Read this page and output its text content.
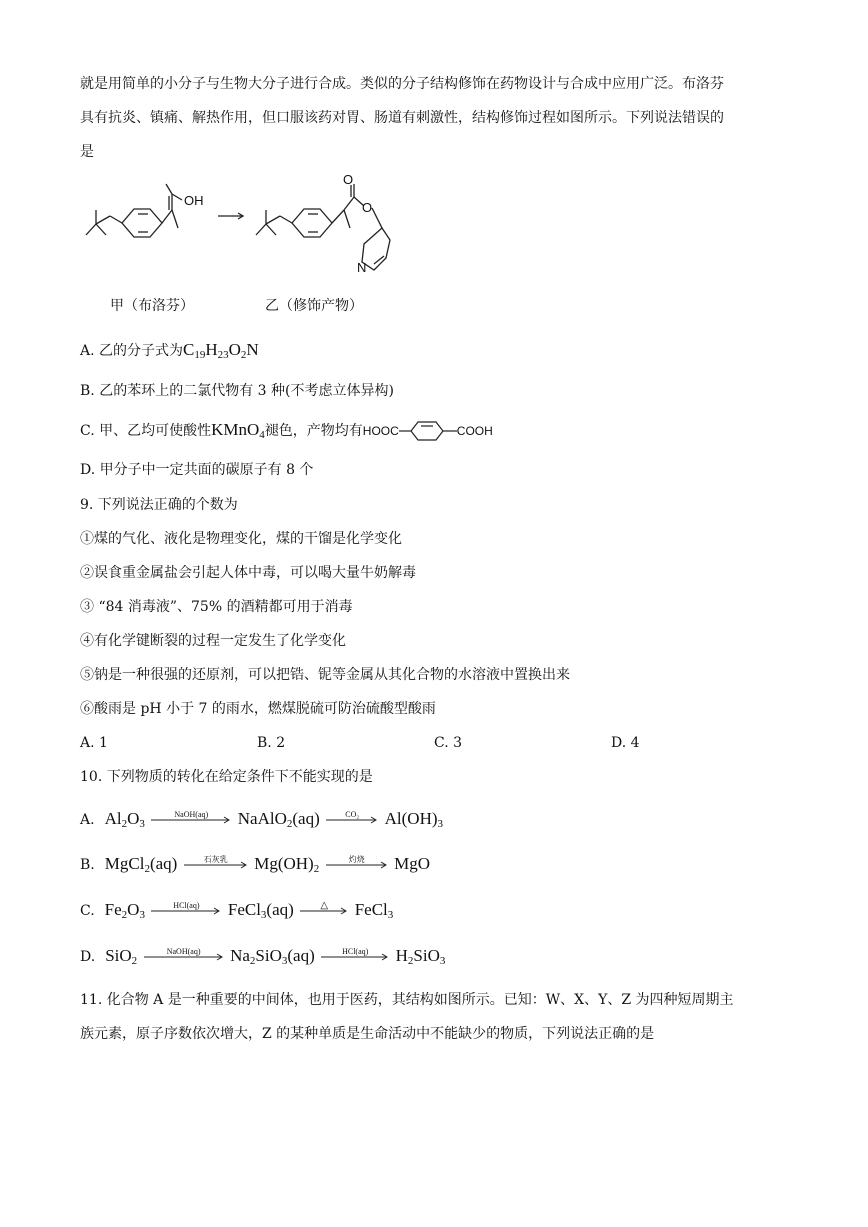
就是用简单的小分子与生物大分子进行合成。类似的分子结构修饰在药物设计与合成中应用广泛。布洛芬
具有抗炎、镇痛、解热作用，但口服该药对胃、肠道有刺激性，结构修饰过程如图所示。下列说法错误的
是
OH
O
O
N
甲（布洛芬）	乙（修饰产物）
A. 乙的分子式为$C_{19}H_{23}O_2N$
B. 乙的苯环上的二氯代物有 3 种(不考虑立体异构)
C. 甲、乙均可使酸性KMnO$_4$褪色，产物均有HOOC	COOH
D. 甲分子中一定共面的碳原子有 8 个
9. 下列说法正确的个数为
①煤的气化、液化是物理变化，煤的干馏是化学变化
②误食重金属盐会引起人体中毒，可以喝大量牛奶解毒
③ “84 消毒液”、75% 的酒精都可用于消毒
④有化学键断裂的过程一定发生了化学变化
⑤钠是一种很强的还原剂，可以把锆、铌等金属从其化合物的水溶液中置换出来
⑥酸雨是 pH 小于 7 的雨水，燃煤脱硫可防治硫酸型酸雨
A. 1	B. 2	C. 3	D. 4
10. 下列物质的转化在给定条件下不能实现的是
A. $Al_2O_3$
NaOH(aq)	NaAlO$_2$(aq)	CO₂	$Al(OH)_3$
B. MgCl$_2$(aq)	石灰乳	$Mg(OH)_2$
灼烧	MgO
C. $Fe_2O_3$
HCl(aq)	FeCl$_3$(aq)	△	FeCl$_3$
D. SiO$_2$
NaOH(aq)	$Na_2SiO_3(aq)$	HCl(aq)	$H_2SiO_3$
11. 化合物 A 是一种重要的中间体，也用于医药，其结构如图所示。已知：W、X、Y、Z 为四种短周期主
族元素，原子序数依次增大，Z 的某种单质是生命活动中不能缺少的物质，下列说法正确的是
